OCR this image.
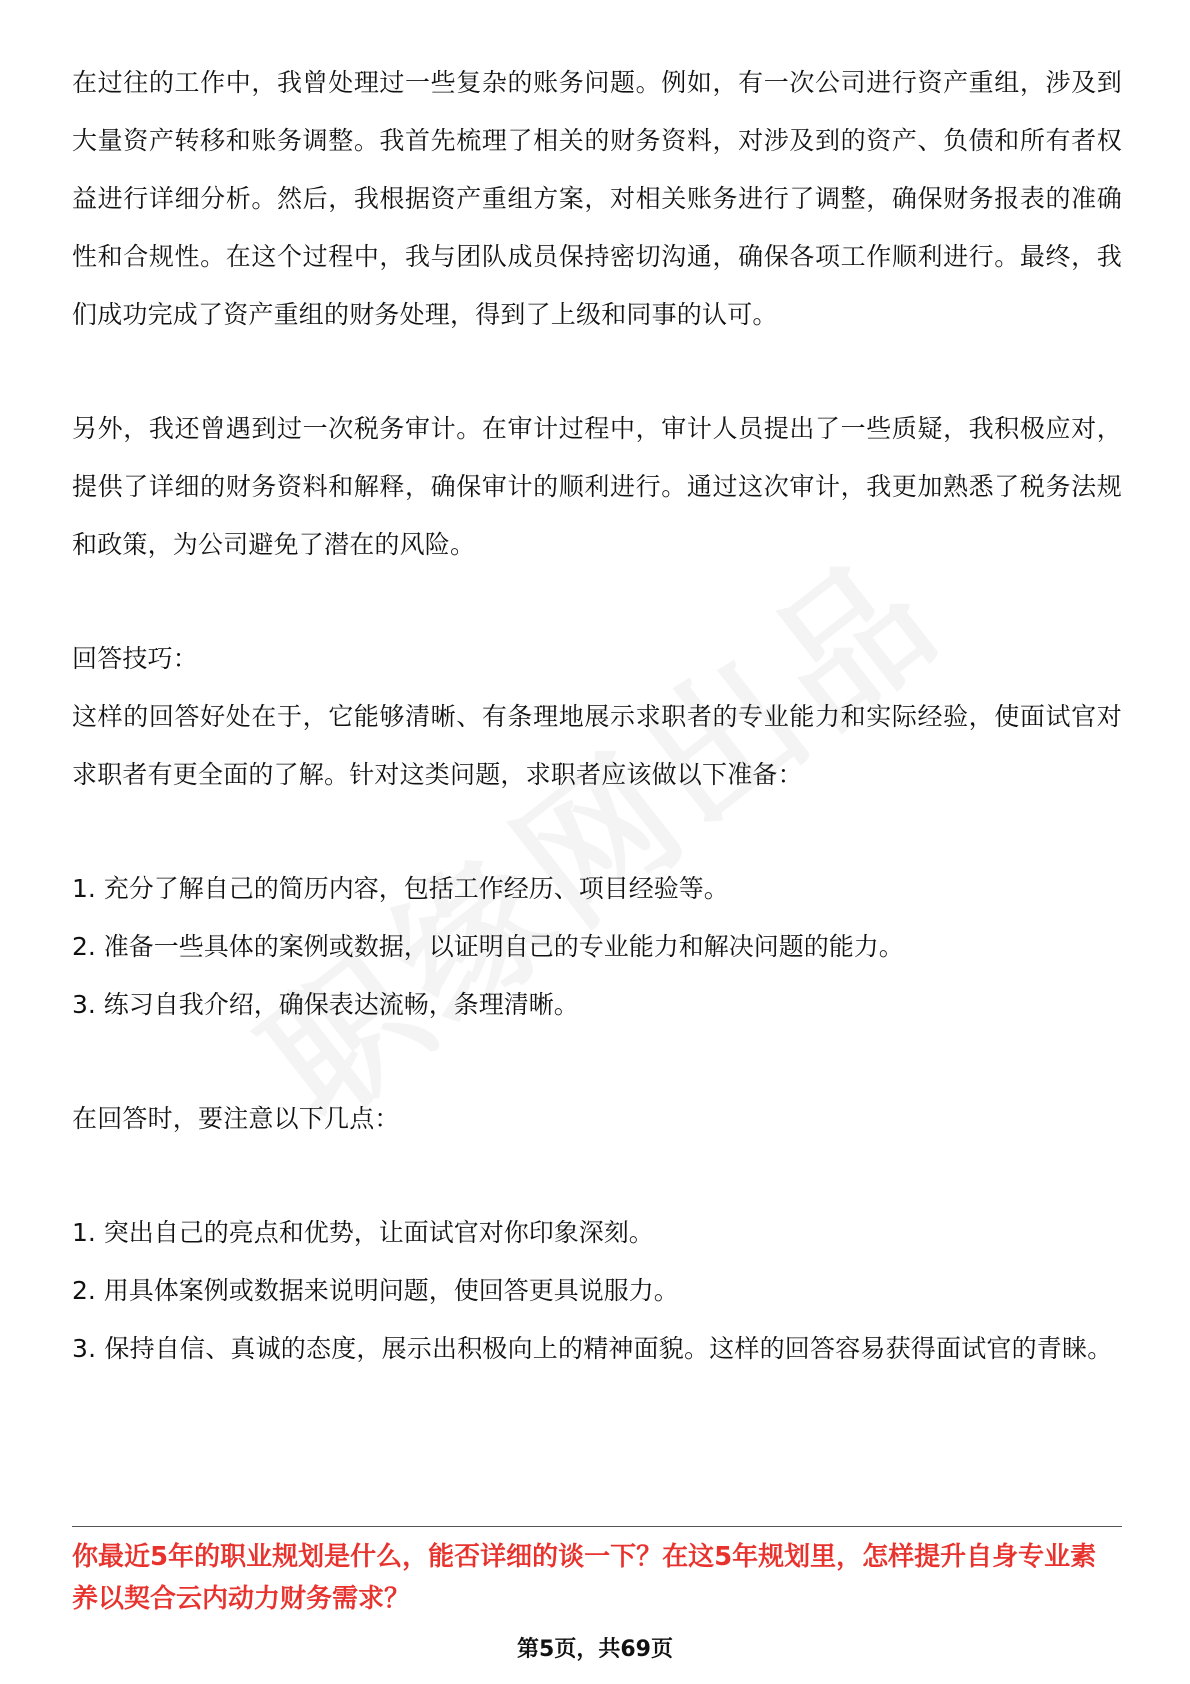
在过往的工作中，我曾处理过一些复杂的账务问题。例如，有一次公司进行资产重组，涉及到大量资产转移和账务调整。我首先梳理了相关的财务资料，对涉及到的资产、负债和所有者权益进行详细分析。然后，我根据资产重组方案，对相关账务进行了调整，确保财务报表的准确性和合规性。在这个过程中，我与团队成员保持密切沟通，确保各项工作顺利进行。最终，我们成功完成了资产重组的财务处理，得到了上级和同事的认可。

另外，我还曾遇到过一次税务审计。在审计过程中，审计人员提出了一些质疑，我积极应对，提供了详细的财务资料和解释，确保审计的顺利进行。通过这次审计，我更加熟悉了税务法规和政策，为公司避免了潜在的风险。

回答技巧：

这样的回答好处在于，它能够清晰、有条理地展示求职者的专业能力和实际经验，使面试官对求职者有更全面的了解。针对这类问题，求职者应该做以下准备：

1. 充分了解自己的简历内容，包括工作经历、项目经验等。

2. 准备一些具体的案例或数据，以证明自己的专业能力和解决问题的能力。

3. 练习自我介绍，确保表达流畅，条理清晰。

在回答时，要注意以下几点：

1. 突出自己的亮点和优势，让面试官对你印象深刻。

2. 用具体案例或数据来说明问题，使回答更具说服力。

3. 保持自信、真诚的态度，展示出积极向上的精神面貌。这样的回答容易获得面试官的青睐。

你最近5年的职业规划是什么，能否详细的谈一下？在这5年规划里，怎样提升自身专业素养以契合云内动力财务需求？

第5页，共69页
